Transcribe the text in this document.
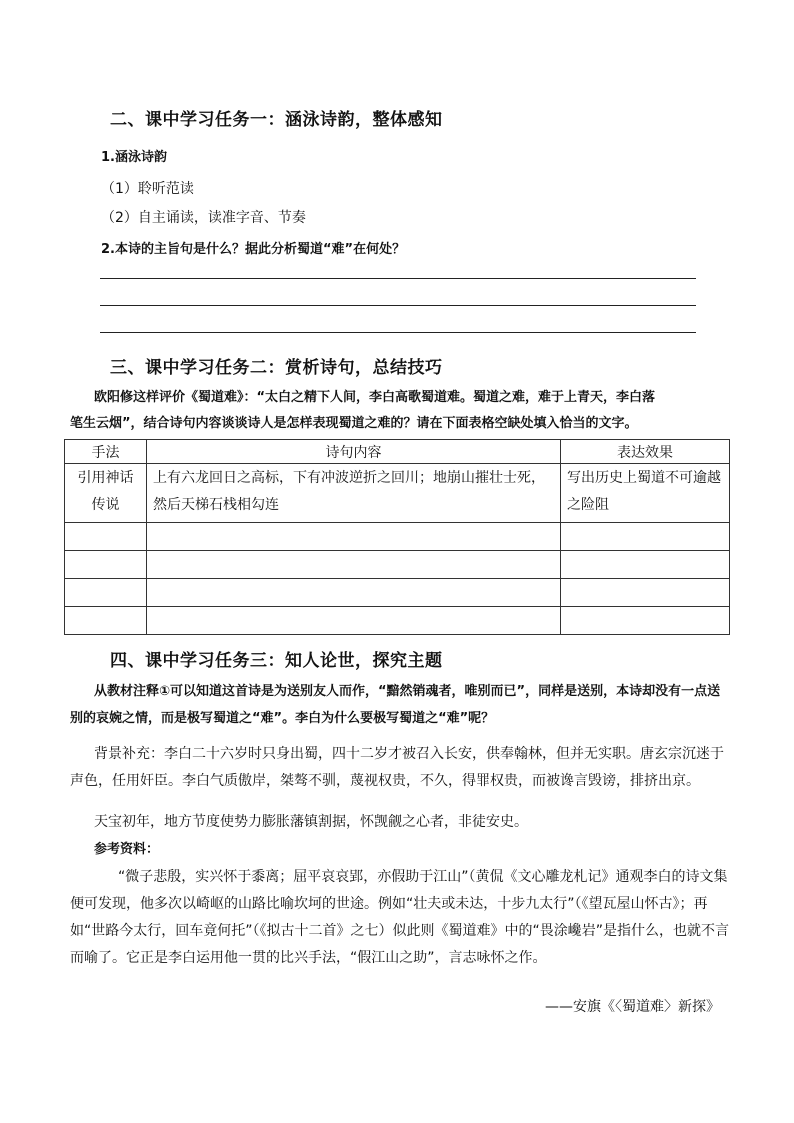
二、课中学习任务一：涵泳诗韵，整体感知
1.涵泳诗韵
（1）聆听范读
（2）自主诵读，读准字音、节奏
2.本诗的主旨句是什么？据此分析蜀道“难”在何处？
三、课中学习任务二：赏析诗句，总结技巧
欧阳修这样评价《蜀道难》：“太白之精下人间，李白高歌蜀道难。蜀道之难，难于上青天，李白落
笔生云烟”，结合诗句内容谈谈诗人是怎样表现蜀道之难的？请在下面表格空缺处填入恰当的文字。
手法	诗句内容	表达效果
引用神话传说	上有六龙回日之高标，下有冲波逆折之回川；地崩山摧壮士死，然后天梯石栈相勾连	写出历史上蜀道不可逾越之险阻

四、课中学习任务三：知人论世，探究主题
从教材注释①可以知道这首诗是为送别友人而作，“黯然销魂者，唯别而已”，同样是送别，本诗却没有一点送别的哀婉之情，而是极写蜀道之“难”。李白为什么要极写蜀道之“难”呢？
背景补充：李白二十六岁时只身出蜀，四十二岁才被召入长安，供奉翰林，但并无实职。唐玄宗沉迷于声色，任用奸臣。李白气质傲岸，桀骜不驯，蔑视权贵，不久，得罪权贵，而被谗言毁谤，排挤出京。
天宝初年，地方节度使势力膨胀藩镇割据，怀觊觎之心者，非徒安史。
参考资料：
“微子悲殷，实兴怀于黍离；屈平哀哀郢，亦假助于江山”（黄侃《文心雕龙札记》通观李白的诗文集便可发现，他多次以崎岖的山路比喻坎坷的世途。例如“壮夫或未达，十步九太行”（《望瓦屋山怀古》；再如“世路今太行，回车竟何托”（《拟古十二首》之七）似此则《蜀道难》中的“畏涂巉岩”是指什么，也就不言而喻了。它正是李白运用他一贯的比兴手法，“假江山之助”，言志咏怀之作。
——安旗《〈蜀道难〉新探》
